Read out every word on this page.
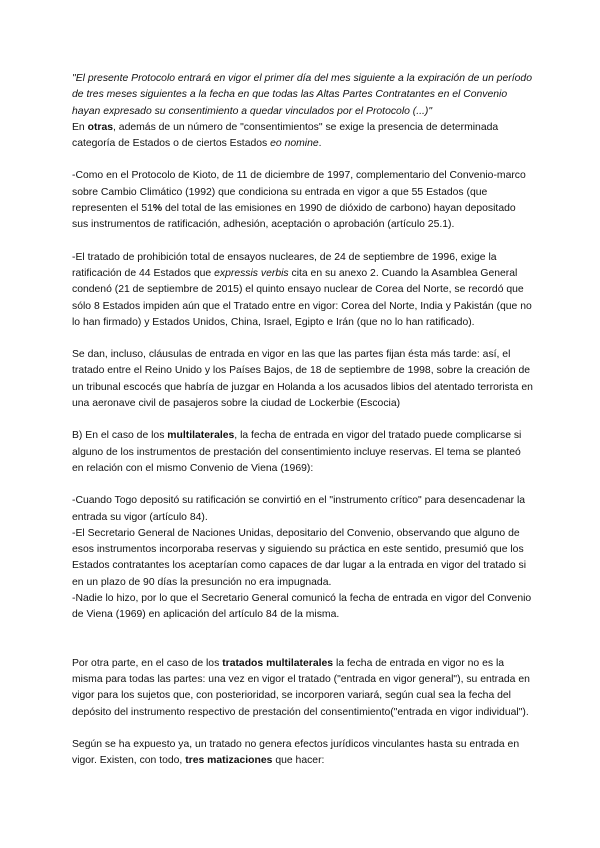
"El presente Protocolo entrará en vigor el primer día del mes siguiente a la expiración de un período de tres meses siguientes a la fecha en que todas las Altas Partes Contratantes en el Convenio hayan expresado su consentimiento a quedar vinculados por el Protocolo (...)"

En otras, además de un número de "consentimientos" se exige la presencia de determinada categoría de Estados o de ciertos Estados eo nomine.

-Como en el Protocolo de Kioto, de 11 de diciembre de 1997, complementario del Convenio-marco sobre Cambio Climático (1992) que condiciona su entrada en vigor a que 55 Estados (que representen el 51% del total de las emisiones en 1990 de dióxido de carbono) hayan depositado sus instrumentos de ratificación, adhesión, aceptación o aprobación (artículo 25.1).

-El tratado de prohibición total de ensayos nucleares, de 24 de septiembre de 1996, exige la ratificación de 44 Estados que expressis verbis cita en su anexo 2. Cuando la Asamblea General condenó (21 de septiembre de 2015) el quinto ensayo nuclear de Corea del Norte, se recordó que sólo 8 Estados impiden aún que el Tratado entre en vigor: Corea del Norte, India y Pakistán (que no lo han firmado) y Estados Unidos, China, Israel, Egipto e Irán (que no lo han ratificado).

Se dan, incluso, cláusulas de entrada en vigor en las que las partes fijan ésta más tarde: así, el tratado entre el Reino Unido y los Países Bajos, de 18 de septiembre de 1998, sobre la creación de un tribunal escocés que habría de juzgar en Holanda a los acusados libios del atentado terrorista en una aeronave civil de pasajeros sobre la ciudad de Lockerbie (Escocia)

B) En el caso de los multilaterales, la fecha de entrada en vigor del tratado puede complicarse si alguno de los instrumentos de prestación del consentimiento incluye reservas. El tema se planteó en relación con el mismo Convenio de Viena (1969):

-Cuando Togo depositó su ratificación se convirtió en el "instrumento crítico" para desencadenar la entrada su vigor (artículo 84).

-El Secretario General de Naciones Unidas, depositario del Convenio, observando que alguno de esos instrumentos incorporaba reservas y siguiendo su práctica en este sentido, presumió que los Estados contratantes los aceptarían como capaces de dar lugar a la entrada en vigor del tratado si en un plazo de 90 días la presunción no era impugnada.

-Nadie lo hizo, por lo que el Secretario General comunicó la fecha de entrada en vigor del Convenio de Viena (1969) en aplicación del artículo 84 de la misma.

Por otra parte, en el caso de los tratados multilaterales la fecha de entrada en vigor no es la misma para todas las partes: una vez en vigor el tratado ("entrada en vigor general"), su entrada en vigor para los sujetos que, con posterioridad, se incorporen variará, según cual sea la fecha del depósito del instrumento respectivo de prestación del consentimiento("entrada en vigor individual").

Según se ha expuesto ya, un tratado no genera efectos jurídicos vinculantes hasta su entrada en vigor. Existen, con todo, tres matizaciones que hacer:
